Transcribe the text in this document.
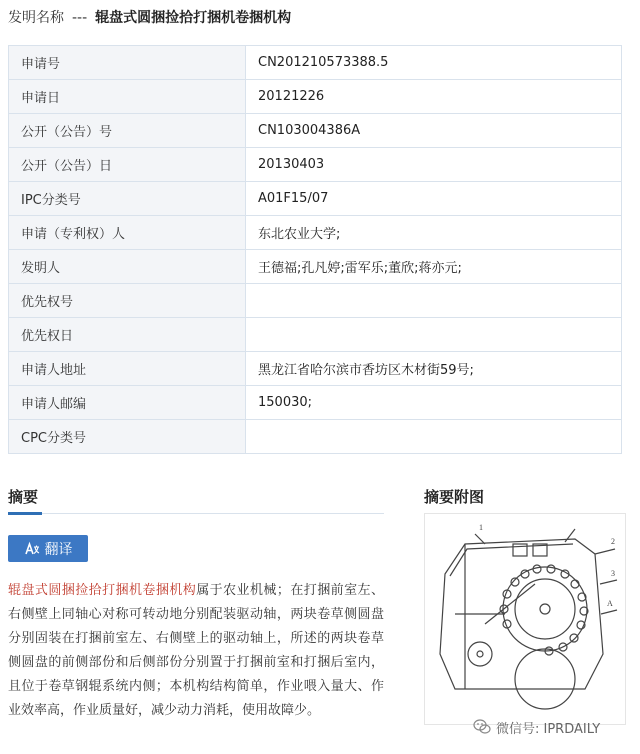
发明名称 --- 辊盘式圆捆捡拾打捆机卷捆机构
申请号	CN201210573388.5
申请日	20121226
公开（公告）号	CN103004386A
公开（公告）日	20130403
IPC分类号	A01F15/07
申请（专利权）人	东北农业大学;
发明人	王德福;孔凡婷;雷军乐;董欣;蒋亦元;
优先权号	
优先权日	
申请人地址	黑龙江省哈尔滨市香坊区木材街59号;
申请人邮编	150030;
CPC分类号	
摘要	摘要附图
翻译
辊盘式圆捆捡拾打捆机卷捆机构属于农业机械；在打捆前室左、右侧壁上同轴心对称可转动地分别配装驱动轴，两块卷草侧圆盘分别固装在打捆前室左、右侧壁上的驱动轴上，所述的两块卷草侧圆盘的前侧部份和后侧部份分别置于打捆前室和打捆后室内，且位于卷草钢辊系统内侧；本机构结构简单，作业喂入量大、作业效率高，作业质量好，减少动力消耗，使用故障少。
1
2
3
A
微信号: IPRDAILY
